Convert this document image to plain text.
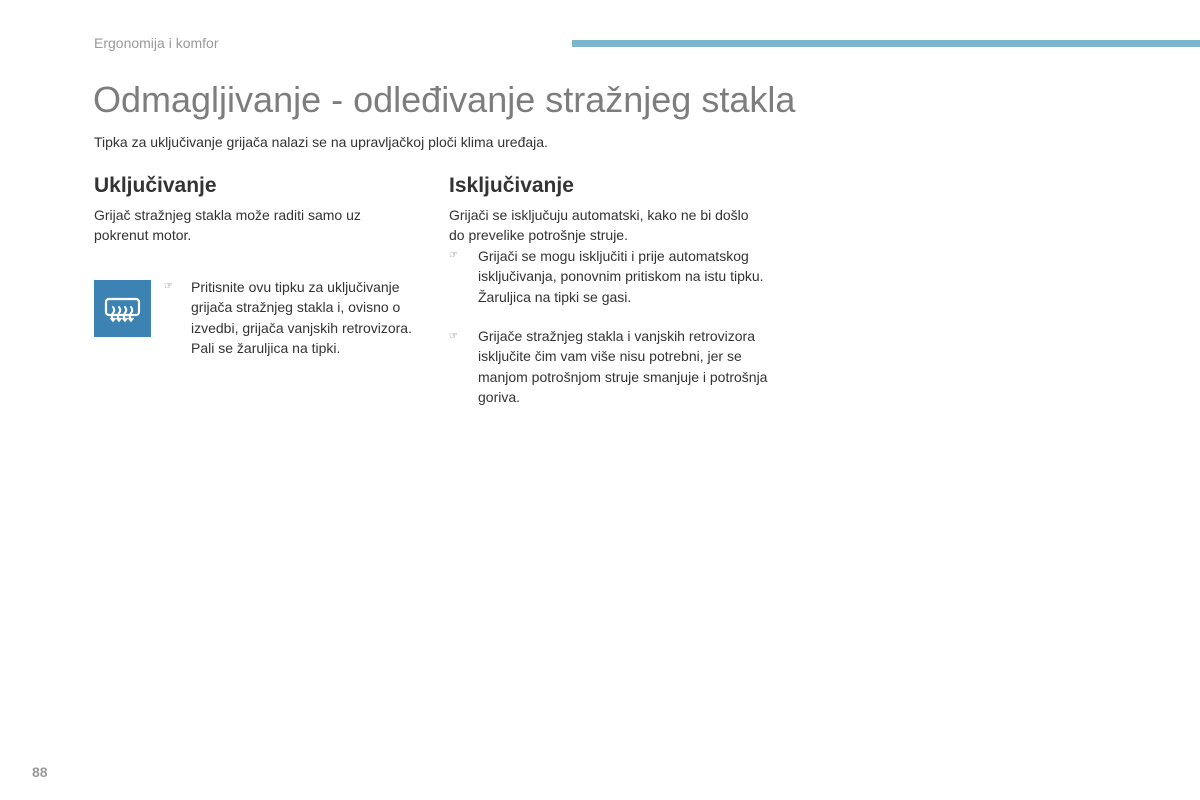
Ergonomija i komfor
Odmagljivanje - odleđivanje stražnjeg stakla
Tipka za uključivanje grijača nalazi se na upravljačkoj ploči klima uređaja.
Uključivanje
Grijač stražnjeg stakla može raditi samo uz pokrenut motor.
☞ Pritisnite ovu tipku za uključivanje grijača stražnjeg stakla i, ovisno o izvedbi, grijača vanjskih retrovizora. Pali se žaruljica na tipki.
Isključivanje
Grijači se isključuju automatski, kako ne bi došlo do prevelike potrošnje struje.
☞ Grijači se mogu isključiti i prije automatskog isključivanja, ponovnim pritiskom na istu tipku. Žaruljica na tipki se gasi.
☞ Grijače stražnjeg stakla i vanjskih retrovizora isključite čim vam više nisu potrebni, jer se manjom potrošnjom struje smanjuje i potrošnja goriva.
88
